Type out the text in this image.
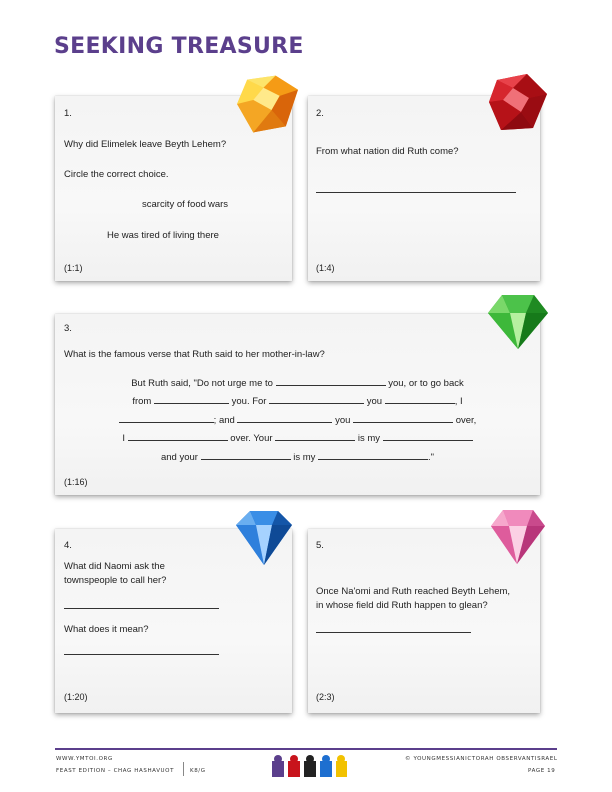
SEEKING TREASURE
1.
Why did Elimelek leave Beyth Lehem?
Circle the correct choice.
scarcity of food wars
He was tired of living there
(1:1)
2.
From what nation did Ruth come?
(1:4)
3.
What is the famous verse that Ruth said to her mother-in-law?
But Ruth said, "Do not urge me to	you, or to go back
from	you. For	you	, I
; and	you	over,
I	over. Your	is my
and your	is my	."
(1:16)
4.
What did Naomi ask the
townspeople to call her?
What does it mean?
(1:20)
5.
Once Na'omi and Ruth reached Beyth Lehem,
in whose field did Ruth happen to glean?
(2:3)
WWW.YMTOI.ORG
FEAST EDITION – CHAG HASHAVUOT	K8/G
© YOUNGMESSIANICTORAH OBSERVANTISRAEL
PAGE 19
